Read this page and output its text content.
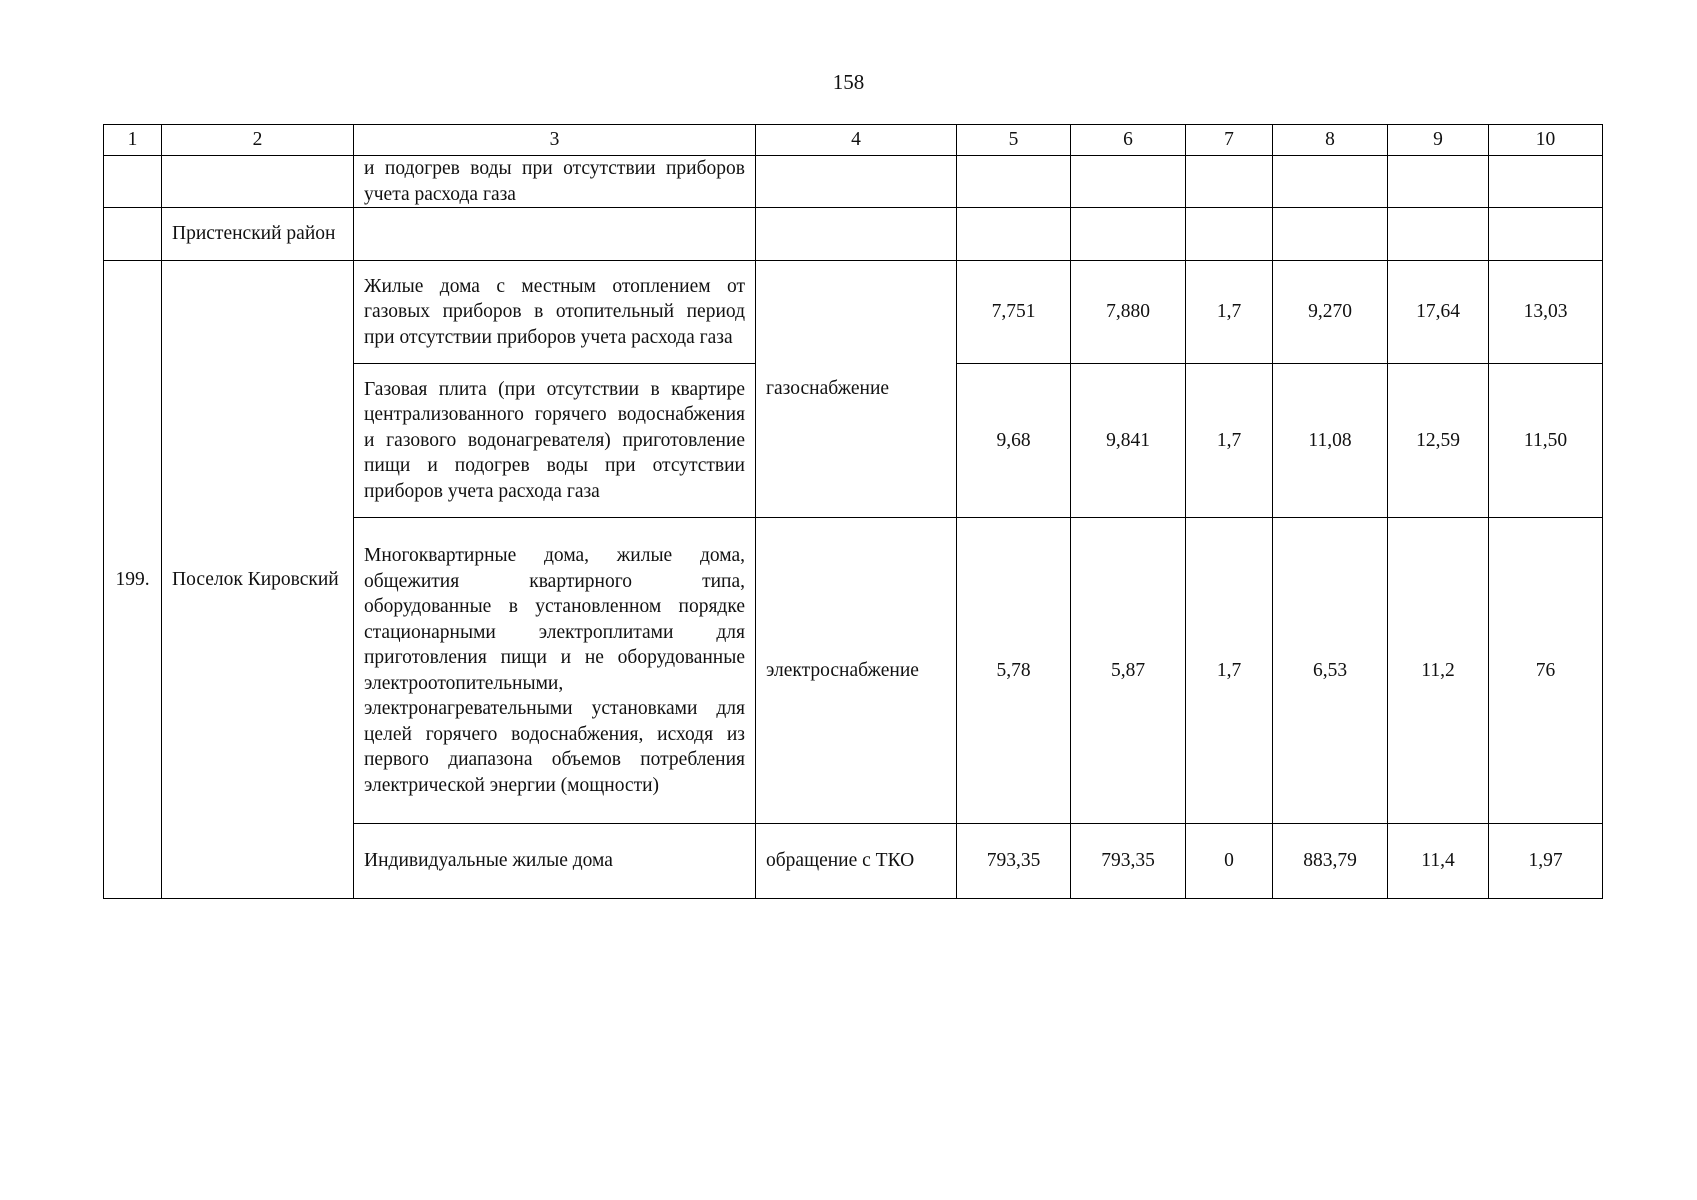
158
1	2	3	4	5	6	7	8	9	10
		и подогрев воды при отсутствии приборов учета расхода газа							
	Пристенский район								
199.	Поселок Кировский	Жилые дома с местным отоплением от газовых приборов в отопительный период при отсутствии приборов учета расхода газа	газоснабжение	7,751	7,880	1,7	9,270	17,64	13,03
		Газовая плита (при отсутствии в квартире централизованного горячего водоснабжения и газового водонагревателя) приготовление пищи и подогрев воды при отсутствии приборов учета расхода газа		9,68	9,841	1,7	11,08	12,59	11,50
		Многоквартирные дома, жилые дома, общежития квартирного типа, оборудованные в установленном порядке стационарными электроплитами для приготовления пищи и не оборудованные электроотопительными, электронагревательными установками для целей горячего водоснабжения, исходя из первого диапазона объемов потребления электрической энергии (мощности)	электроснабжение	5,78	5,87	1,7	6,53	11,2	76
		Индивидуальные жилые дома	обращение с ТКО	793,35	793,35	0	883,79	11,4	1,97
